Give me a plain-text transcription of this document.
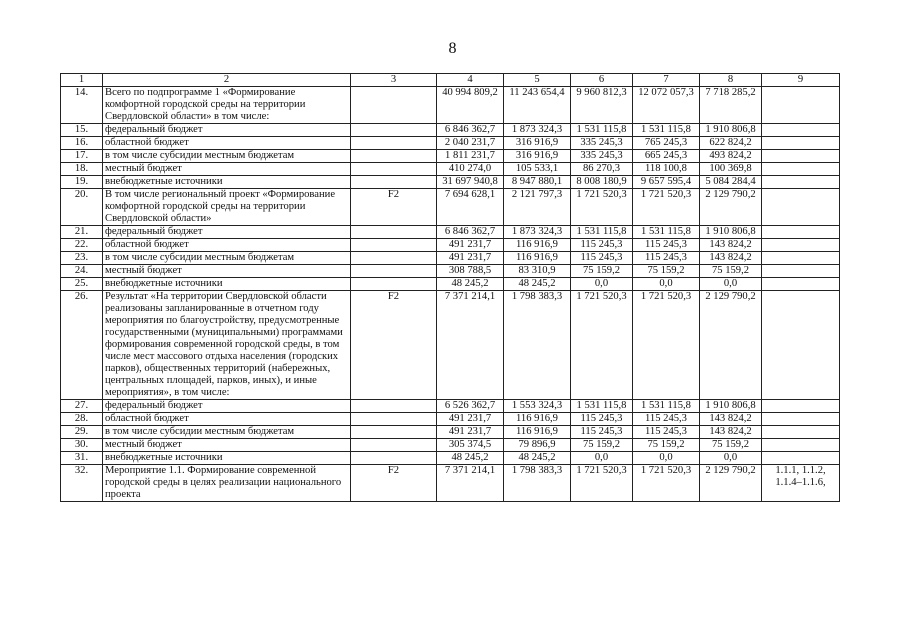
8
1	2	3	4	5	6	7	8	9
14.	Всего по подпрограмме 1 «Формирование комфортной городской среды на территории Свердловской области» в том числе:		40 994 809,2	11 243 654,4	9 960 812,3	12 072 057,3	7 718 285,2	
15.	федеральный бюджет		6 846 362,7	1 873 324,3	1 531 115,8	1 531 115,8	1 910 806,8	
16.	областной бюджет		2 040 231,7	316 916,9	335 245,3	765 245,3	622 824,2	
17.	в том числе субсидии местным бюджетам		1 811 231,7	316 916,9	335 245,3	665 245,3	493 824,2	
18.	местный бюджет		410 274,0	105 533,1	86 270,3	118 100,8	100 369,8	
19.	внебюджетные источники		31 697 940,8	8 947 880,1	8 008 180,9	9 657 595,4	5 084 284,4	
20.	В том числе региональный проект «Формирование комфортной городской среды на территории Свердловской области»	F2	7 694 628,1	2 121 797,3	1 721 520,3	1 721 520,3	2 129 790,2	
21.	федеральный бюджет		6 846 362,7	1 873 324,3	1 531 115,8	1 531 115,8	1 910 806,8	
22.	областной бюджет		491 231,7	116 916,9	115 245,3	115 245,3	143 824,2	
23.	в том числе субсидии местным бюджетам		491 231,7	116 916,9	115 245,3	115 245,3	143 824,2	
24.	местный бюджет		308 788,5	83 310,9	75 159,2	75 159,2	75 159,2	
25.	внебюджетные источники		48 245,2	48 245,2	0,0	0,0	0,0	
26.	Результат «На территории Свердловской области реализованы запланированные в отчетном году мероприятия по благоустройству, предусмотренные государственными (муниципальными) программами формирования современной городской среды, в том числе мест массового отдыха населения (городских парков), общественных территорий (набережных, центральных площадей, парков, иных), и иные мероприятия», в том числе:	F2	7 371 214,1	1 798 383,3	1 721 520,3	1 721 520,3	2 129 790,2	
27.	федеральный бюджет		6 526 362,7	1 553 324,3	1 531 115,8	1 531 115,8	1 910 806,8	
28.	областной бюджет		491 231,7	116 916,9	115 245,3	115 245,3	143 824,2	
29.	в том числе субсидии местным бюджетам		491 231,7	116 916,9	115 245,3	115 245,3	143 824,2	
30.	местный бюджет		305 374,5	79 896,9	75 159,2	75 159,2	75 159,2	
31.	внебюджетные источники		48 245,2	48 245,2	0,0	0,0	0,0	
32.	Мероприятие 1.1. Формирование современной городской среды в целях реализации национального проекта	F2	7 371 214,1	1 798 383,3	1 721 520,3	1 721 520,3	2 129 790,2	1.1.1, 1.1.2, 1.1.4–1.1.6,
